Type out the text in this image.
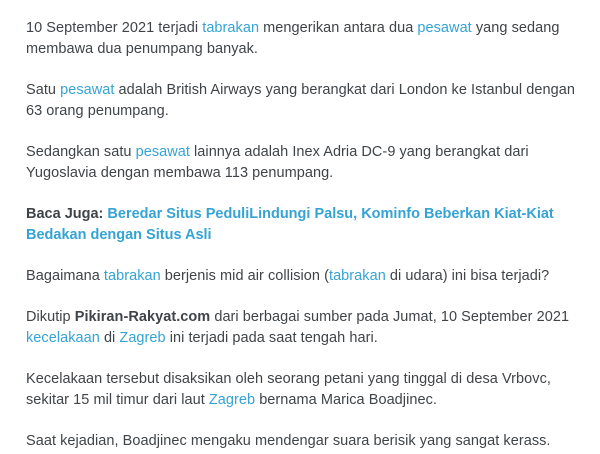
10 September 2021 terjadi tabrakan mengerikan antara dua pesawat yang sedang membawa dua penumpang banyak.

Satu pesawat adalah British Airways yang berangkat dari London ke Istanbul dengan 63 orang penumpang.

Sedangkan satu pesawat lainnya adalah Inex Adria DC-9 yang berangkat dari Yugoslavia dengan membawa 113 penumpang.

Baca Juga: Beredar Situs PeduliLindungi Palsu, Kominfo Beberkan Kiat-Kiat Bedakan dengan Situs Asli

Bagaimana tabrakan berjenis mid air collision (tabrakan di udara) ini bisa terjadi?

Dikutip Pikiran-Rakyat.com dari berbagai sumber pada Jumat, 10 September 2021 kecelakaan di Zagreb ini terjadi pada saat tengah hari.

Kecelakaan tersebut disaksikan oleh seorang petani yang tinggal di desa Vrbovc, sekitar 15 mil timur dari laut Zagreb bernama Marica Boadjinec.

Saat kejadian, Boadjinec mengaku mendengar suara berisik yang sangat kerass.
